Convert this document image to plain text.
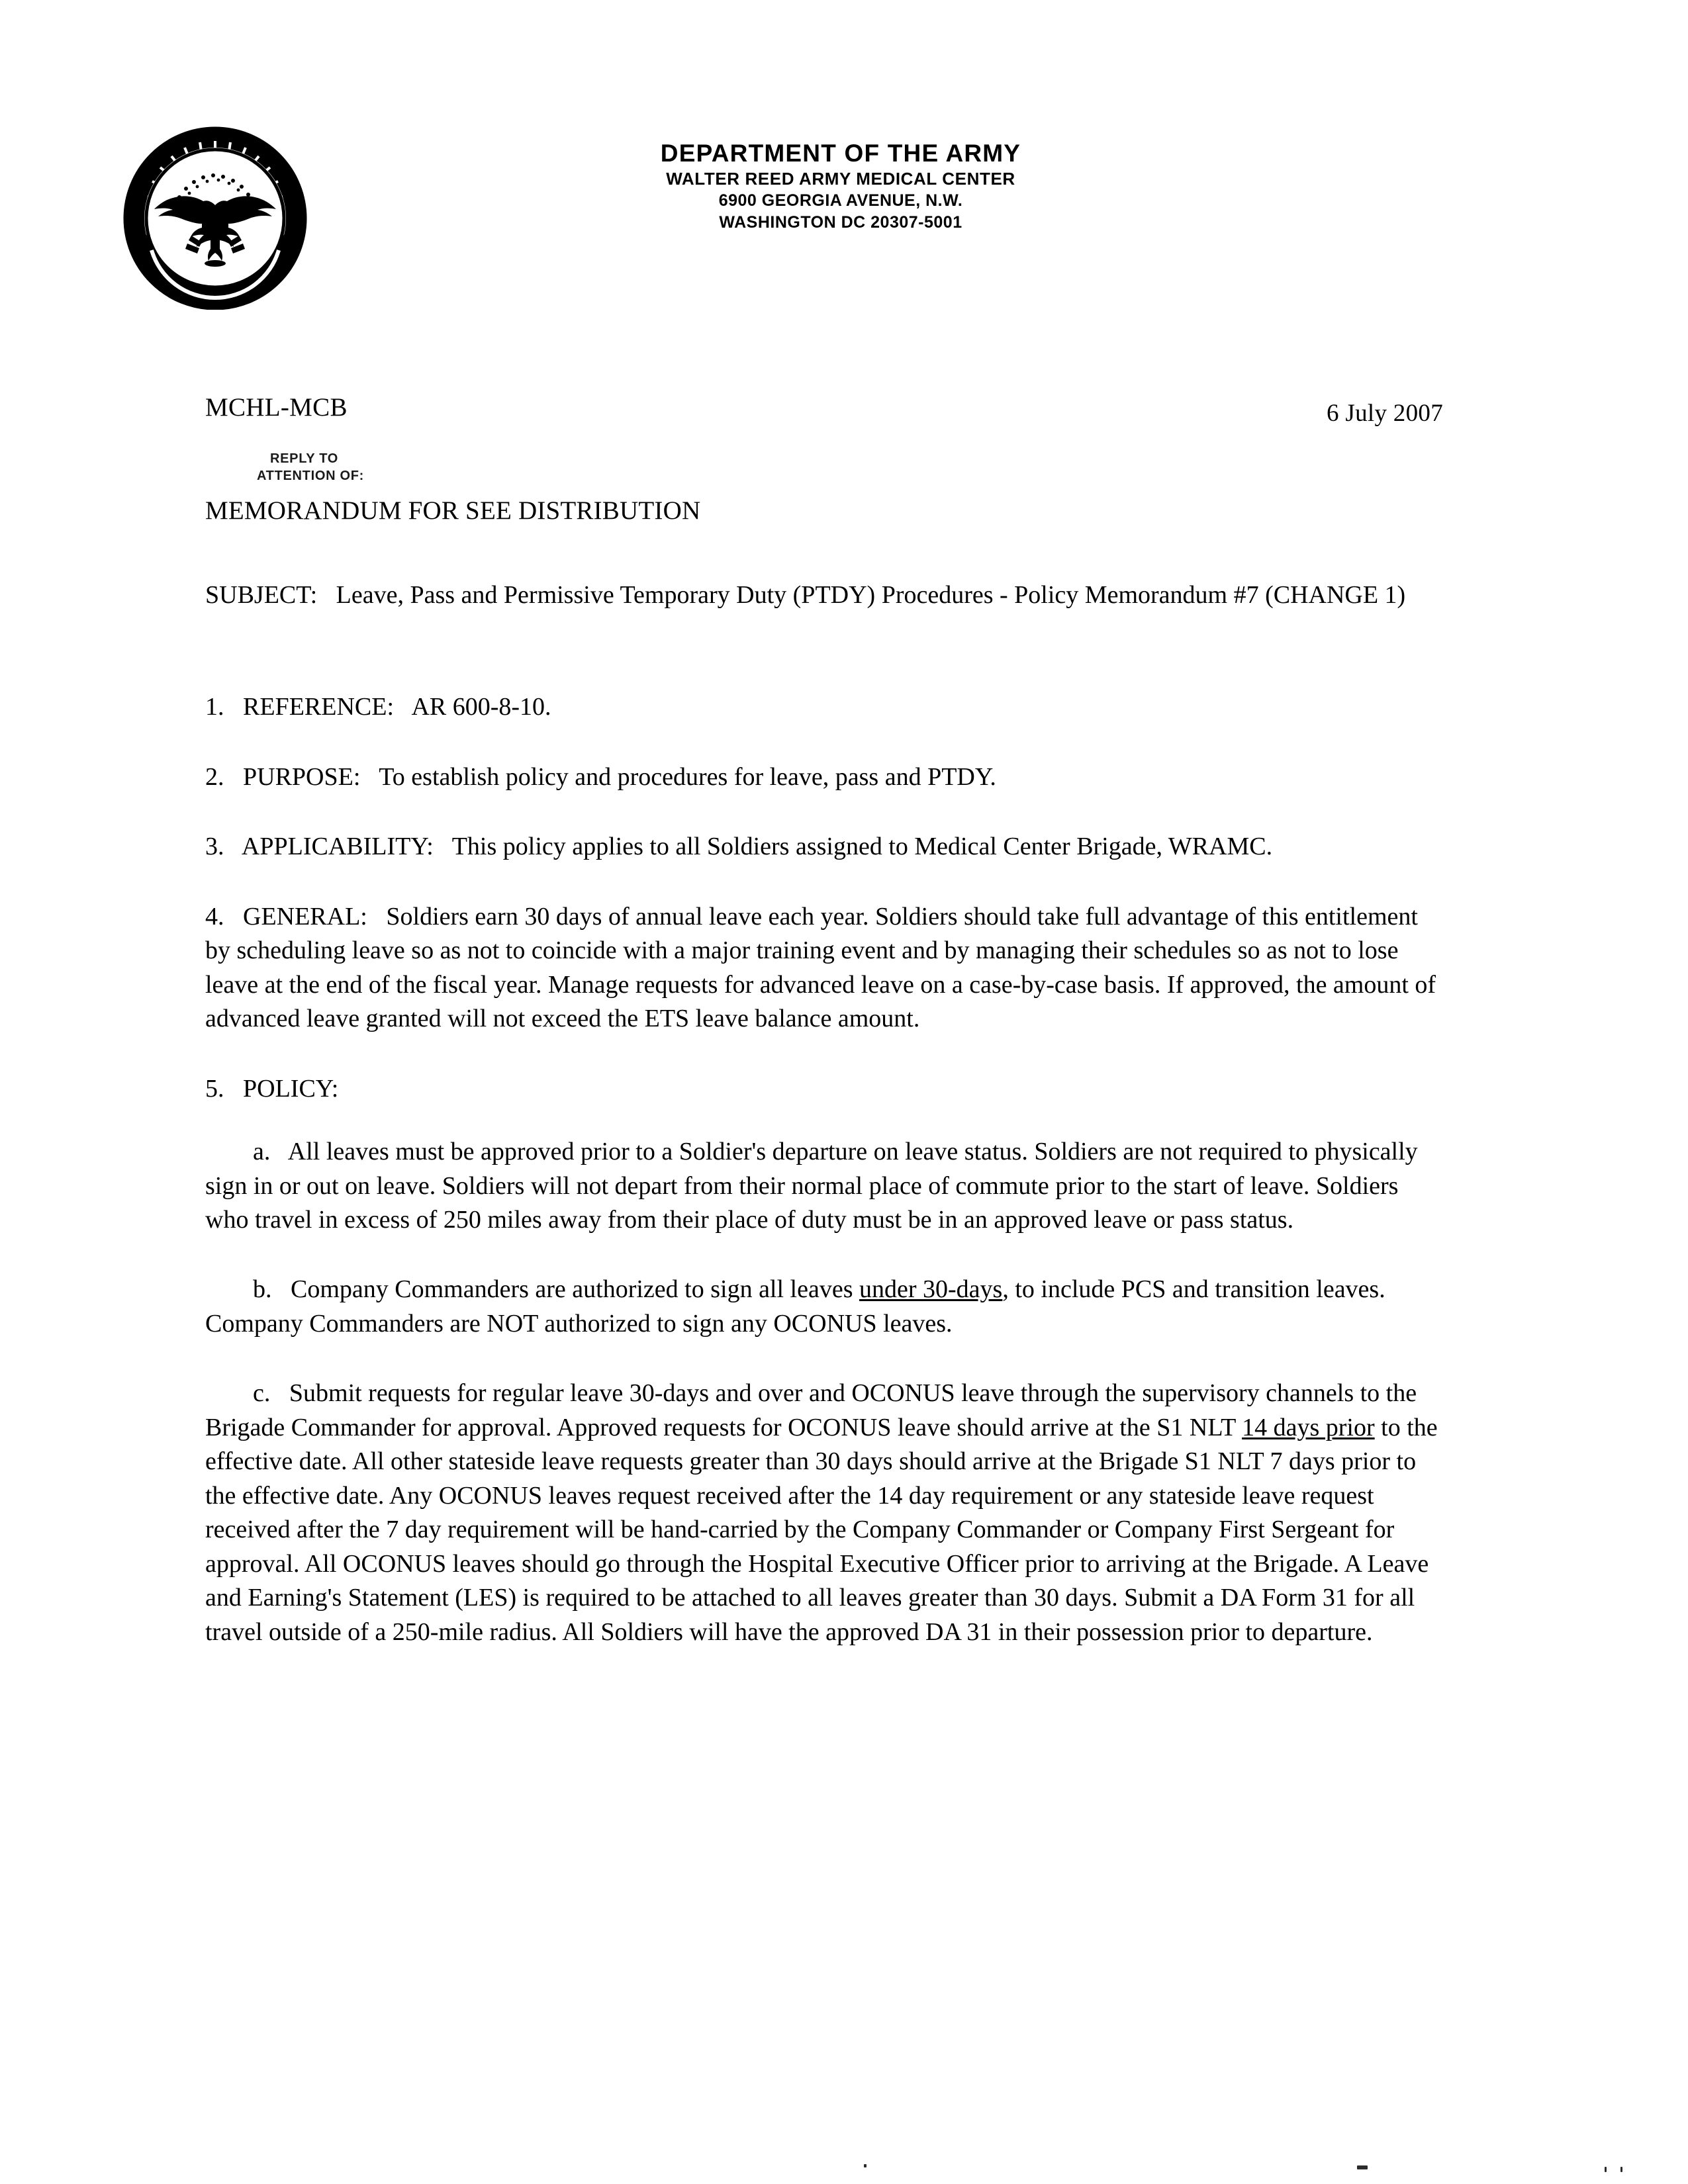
DEPARTMENT OF THE ARMY
WALTER REED ARMY MEDICAL CENTER
6900 GEORGIA AVENUE, N.W.
WASHINGTON DC 20307-5001
REPLY TO
ATTENTION OF:
MCHL-MCB	6 July 2007
MEMORANDUM FOR SEE DISTRIBUTION
SUBJECT: Leave, Pass and Permissive Temporary Duty (PTDY) Procedures - Policy Memorandum #7 (CHANGE 1)

1. REFERENCE: AR 600-8-10.

2. PURPOSE: To establish policy and procedures for leave, pass and PTDY.

3. APPLICABILITY: This policy applies to all Soldiers assigned to Medical Center Brigade, WRAMC.

4. GENERAL: Soldiers earn 30 days of annual leave each year. Soldiers should take full advantage of this entitlement by scheduling leave so as not to coincide with a major training event and by managing their schedules so as not to lose leave at the end of the fiscal year. Manage requests for advanced leave on a case-by-case basis. If approved, the amount of advanced leave granted will not exceed the ETS leave balance amount.

5. POLICY:

a. All leaves must be approved prior to a Soldier's departure on leave status. Soldiers are not required to physically sign in or out on leave. Soldiers will not depart from their normal place of commute prior to the start of leave. Soldiers who travel in excess of 250 miles away from their place of duty must be in an approved leave or pass status.

b. Company Commanders are authorized to sign all leaves under 30-days, to include PCS and transition leaves. Company Commanders are NOT authorized to sign any OCONUS leaves.

c. Submit requests for regular leave 30-days and over and OCONUS leave through the supervisory channels to the Brigade Commander for approval. Approved requests for OCONUS leave should arrive at the S1 NLT 14 days prior to the effective date. All other stateside leave requests greater than 30 days should arrive at the Brigade S1 NLT 7 days prior to the effective date. Any OCONUS leaves request received after the 14 day requirement or any stateside leave request received after the 7 day requirement will be hand-carried by the Company Commander or Company First Sergeant for approval. All OCONUS leaves should go through the Hospital Executive Officer prior to arriving at the Brigade. A Leave and Earning's Statement (LES) is required to be attached to all leaves greater than 30 days. Submit a DA Form 31 for all travel outside of a 250-mile radius. All Soldiers will have the approved DA 31 in their possession prior to departure.
